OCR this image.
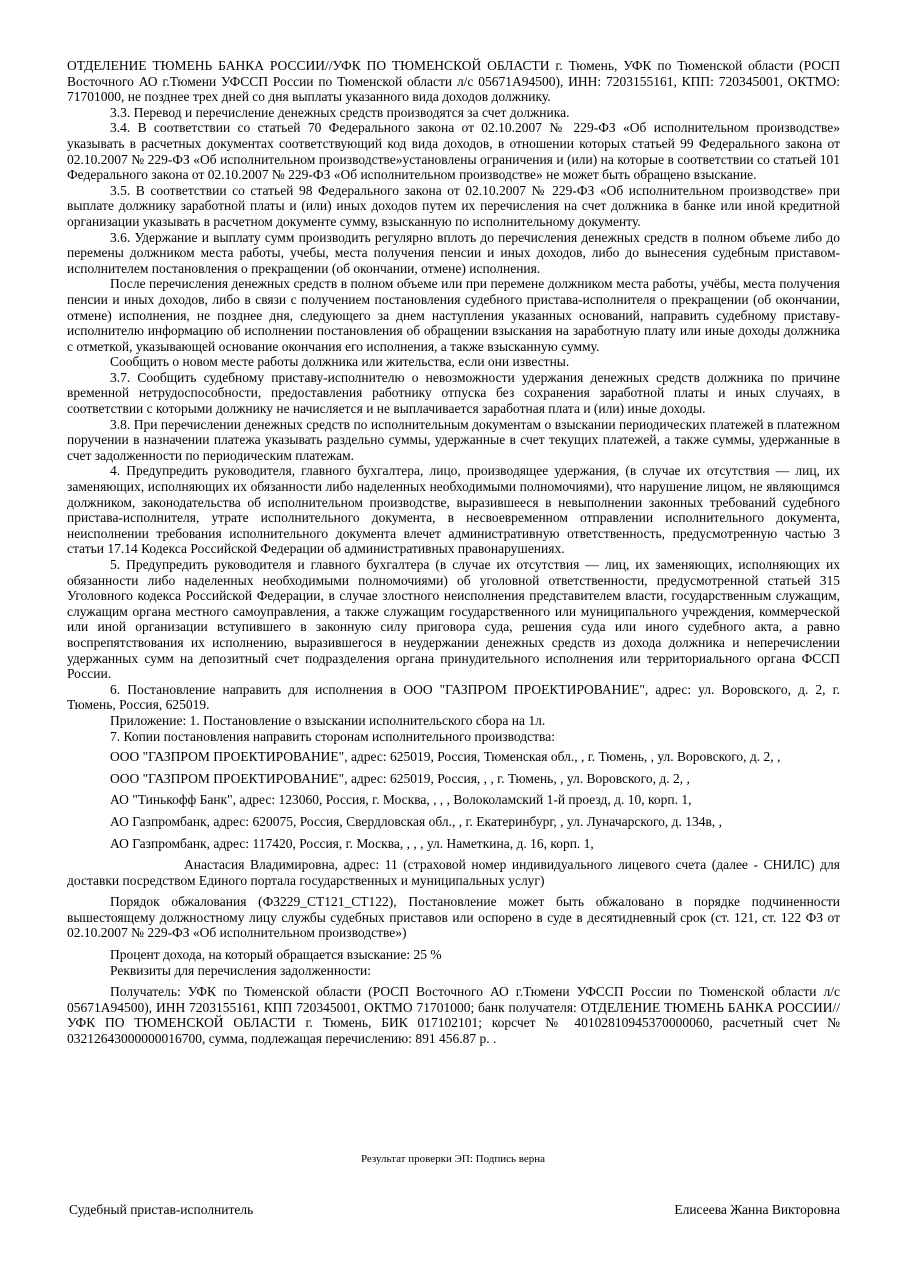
ОТДЕЛЕНИЕ ТЮМЕНЬ БАНКА РОССИИ//УФК ПО ТЮМЕНСКОЙ ОБЛАСТИ г. Тюмень, УФК по Тюменской области (РОСП Восточного АО г.Тюмени УФССП России по Тюменской области л/с 05671А94500), ИНН: 7203155161, КПП: 720345001, ОКТМО: 71701000, не позднее трех дней со дня выплаты указанного вида доходов должнику.

3.3. Перевод и перечисление денежных средств производятся за счет должника.

3.4. В соответствии со статьей 70 Федерального закона от 02.10.2007 № 229-ФЗ «Об исполнительном производстве» указывать в расчетных документах соответствующий код вида доходов, в отношении которых статьей 99 Федерального закона от 02.10.2007 № 229-ФЗ «Об исполнительном производстве»установлены ограничения и (или) на которые в соответствии со статьей 101 Федерального закона от 02.10.2007 № 229-ФЗ «Об исполнительном производстве» не может быть обращено взыскание.

3.5. В соответствии со статьей 98 Федерального закона от 02.10.2007 № 229-ФЗ «Об исполнительном производстве» при выплате должнику заработной платы и (или) иных доходов путем их перечисления на счет должника в банке или иной кредитной организации указывать в расчетном документе сумму, взысканную по исполнительному документу.

3.6. Удержание и выплату сумм производить регулярно вплоть до перечисления денежных средств в полном объеме либо до перемены должником места работы, учебы, места получения пенсии и иных доходов, либо до вынесения судебным приставом-исполнителем постановления о прекращении (об окончании, отмене) исполнения.

После перечисления денежных средств в полном объеме или при перемене должником места работы, учёбы, места получения пенсии и иных доходов, либо в связи с получением постановления судебного пристава-исполнителя о прекращении (об окончании, отмене) исполнения, не позднее дня, следующего за днем наступления указанных оснований, направить судебному приставу-исполнителю информацию об исполнении постановления об обращении взыскания на заработную плату или иные доходы должника с отметкой, указывающей основание окончания его исполнения, а также взысканную сумму.

Сообщить о новом месте работы должника или жительства, если они известны.

3.7. Сообщить судебному приставу-исполнителю о невозможности удержания денежных средств должника по причине временной нетрудоспособности, предоставления работнику отпуска без сохранения заработной платы и иных случаях, в соответствии с которыми должнику не начисляется и не выплачивается заработная плата и (или) иные доходы.

3.8. При перечислении денежных средств по исполнительным документам о взыскании периодических платежей в платежном поручении в назначении платежа указывать раздельно суммы, удержанные в счет текущих платежей, а также суммы, удержанные в счет задолженности по периодическим платежам.

4. Предупредить руководителя, главного бухгалтера, лицо, производящее удержания, (в случае их отсутствия — лиц, их заменяющих, исполняющих их обязанности либо наделенных необходимыми полномочиями), что нарушение лицом, не являющимся должником, законодательства об исполнительном производстве, выразившееся в невыполнении законных требований судебного пристава-исполнителя, утрате исполнительного документа, в несвоевременном отправлении исполнительного документа, неисполнении требования исполнительного документа влечет административную ответственность, предусмотренную частью 3 статьи 17.14 Кодекса Российской Федерации об административных правонарушениях.

5. Предупредить руководителя и главного бухгалтера (в случае их отсутствия — лиц, их заменяющих, исполняющих их обязанности либо наделенных необходимыми полномочиями) об уголовной ответственности, предусмотренной статьей 315 Уголовного кодекса Российской Федерации, в случае злостного неисполнения представителем власти, государственным служащим, служащим органа местного самоуправления, а также служащим государственного или муниципального учреждения, коммерческой или иной организации вступившего в законную силу приговора суда, решения суда или иного судебного акта, а равно воспрепятствования их исполнению, выразившегося в неудержании денежных средств из дохода должника и неперечислении удержанных сумм на депозитный счет подразделения органа принудительного исполнения или территориального органа ФССП России.

6. Постановление направить для исполнения в ООО "ГАЗПРОМ ПРОЕКТИРОВАНИЕ", адрес: ул. Воровского, д. 2, г. Тюмень, Россия, 625019.

Приложение: 1. Постановление о взыскании исполнительского сбора на 1л.

7. Копии постановления направить сторонам исполнительного производства:

ООО "ГАЗПРОМ ПРОЕКТИРОВАНИЕ", адрес: 625019, Россия, Тюменская обл., , г. Тюмень, , ул. Воровского, д. 2, ,

ООО "ГАЗПРОМ ПРОЕКТИРОВАНИЕ", адрес: 625019, Россия, , , г. Тюмень, , ул. Воровского, д. 2, ,

АО "Тинькофф Банк", адрес: 123060, Россия, г. Москва, , , , Волоколамский 1-й проезд, д. 10, корп. 1,

АО Газпромбанк, адрес: 620075, Россия, Свердловская обл., , г. Екатеринбург, , ул. Луначарского, д. 134в, ,

АО Газпромбанк, адрес: 117420, Россия, г. Москва, , , , ул. Наметкина, д. 16, корп. 1,

Анастасия Владимировна, адрес: 11 (страховой номер индивидуального лицевого счета (далее - СНИЛС) для доставки посредством Единого портала государственных и муниципальных услуг)

Порядок обжалования (ФЗ229_СТ121_СТ122), Постановление может быть обжаловано в порядке подчиненности вышестоящему должностному лицу службы судебных приставов или оспорено в суде в десятидневный срок (ст. 121, ст. 122 ФЗ от 02.10.2007 № 229-ФЗ «Об исполнительном производстве»)

Процент дохода, на который обращается взыскание: 25 %

Реквизиты для перечисления задолженности:

Получатель: УФК по Тюменской области (РОСП Восточного АО г.Тюмени УФССП России по Тюменской области л/с 05671А94500), ИНН 7203155161, КПП 720345001, ОКТМО 71701000; банк получателя: ОТДЕЛЕНИЕ ТЮМЕНЬ БАНКА РОССИИ//УФК ПО ТЮМЕНСКОЙ ОБЛАСТИ г. Тюмень, БИК 017102101; корсчет № 40102810945370000060, расчетный счет № 03212643000000016700, сумма, подлежащая перечислению: 891 456.87 р. .

Результат проверки ЭП: Подпись верна
Судебный пристав-исполнитель	Елисеева Жанна Викторовна
